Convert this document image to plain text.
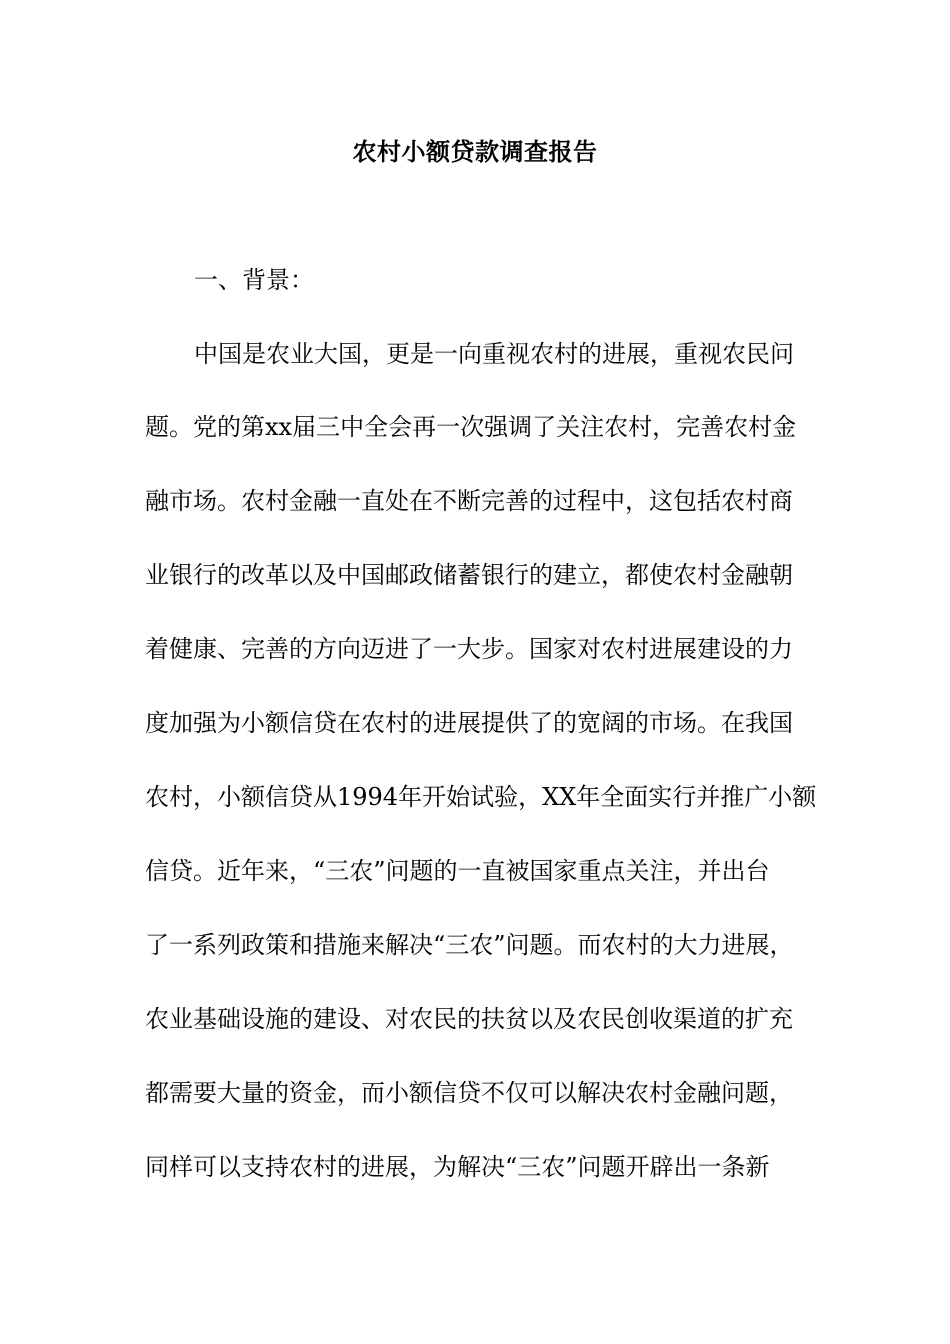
农村小额贷款调查报告
一、背景：
中国是农业大国，更是一向重视农村的进展，重视农民问
题。党的第xx届三中全会再一次强调了关注农村，完善农村金
融市场。农村金融一直处在不断完善的过程中，这包括农村商
业银行的改革以及中国邮政储蓄银行的建立，都使农村金融朝
着健康、完善的方向迈进了一大步。国家对农村进展建设的力
度加强为小额信贷在农村的进展提供了的宽阔的市场。在我国
农村，小额信贷从1994年开始试验，XX年全面实行并推广小额
信贷。近年来，“三农”问题的一直被国家重点关注，并出台
了一系列政策和措施来解决“三农”问题。而农村的大力进展，
农业基础设施的建设、对农民的扶贫以及农民创收渠道的扩充
都需要大量的资金，而小额信贷不仅可以解决农村金融问题，
同样可以支持农村的进展，为解决“三农”问题开辟出一条新
